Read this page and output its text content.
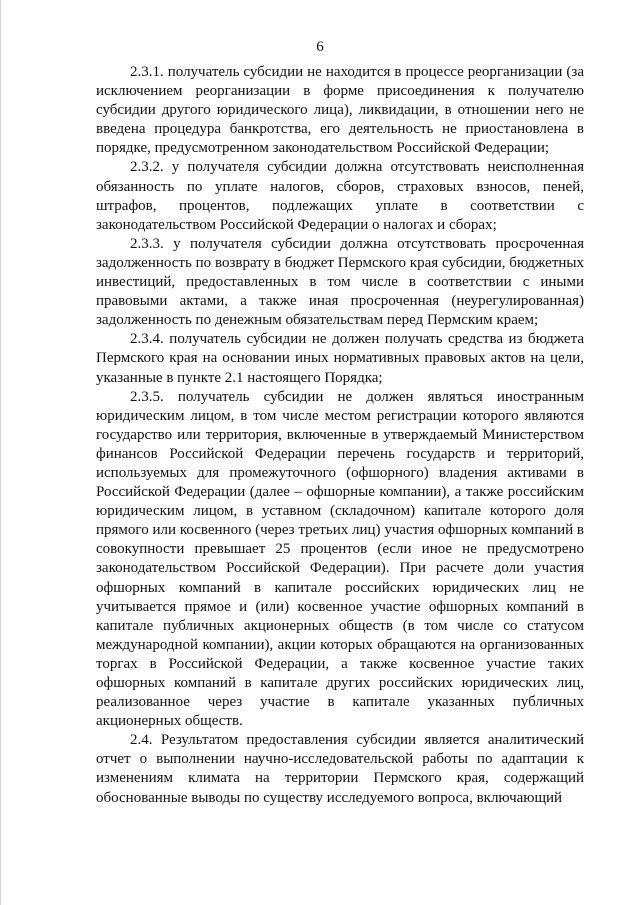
6

2.3.1. получатель субсидии не находится в процессе реорганизации (за исключением реорганизации в форме присоединения к получателю субсидии другого юридического лица), ликвидации, в отношении него не введена процедура банкротства, его деятельность не приостановлена в порядке, предусмотренном законодательством Российской Федерации;

2.3.2. у получателя субсидии должна отсутствовать неисполненная обязанность по уплате налогов, сборов, страховых взносов, пеней, штрафов, процентов, подлежащих уплате в соответствии с законодательством Российской Федерации о налогах и сборах;

2.3.3. у получателя субсидии должна отсутствовать просроченная задолженность по возврату в бюджет Пермского края субсидии, бюджетных инвестиций, предоставленных в том числе в соответствии с иными правовыми актами, а также иная просроченная (неурегулированная) задолженность по денежным обязательствам перед Пермским краем;

2.3.4. получатель субсидии не должен получать средства из бюджета Пермского края на основании иных нормативных правовых актов на цели, указанные в пункте 2.1 настоящего Порядка;

2.3.5. получатель субсидии не должен являться иностранным юридическим лицом, в том числе местом регистрации которого являются государство или территория, включенные в утверждаемый Министерством финансов Российской Федерации перечень государств и территорий, используемых для промежуточного (офшорного) владения активами в Российской Федерации (далее – офшорные компании), а также российским юридическим лицом, в уставном (складочном) капитале которого доля прямого или косвенного (через третьих лиц) участия офшорных компаний в совокупности превышает 25 процентов (если иное не предусмотрено законодательством Российской Федерации). При расчете доли участия офшорных компаний в капитале российских юридических лиц не учитывается прямое и (или) косвенное участие офшорных компаний в капитале публичных акционерных обществ (в том числе со статусом международной компании), акции которых обращаются на организованных торгах в Российской Федерации, а также косвенное участие таких офшорных компаний в капитале других российских юридических лиц, реализованное через участие в капитале указанных публичных акционерных обществ.

2.4. Результатом предоставления субсидии является аналитический отчет о выполнении научно-исследовательской работы по адаптации к изменениям климата на территории Пермского края, содержащий обоснованные выводы по существу исследуемого вопроса, включающий
